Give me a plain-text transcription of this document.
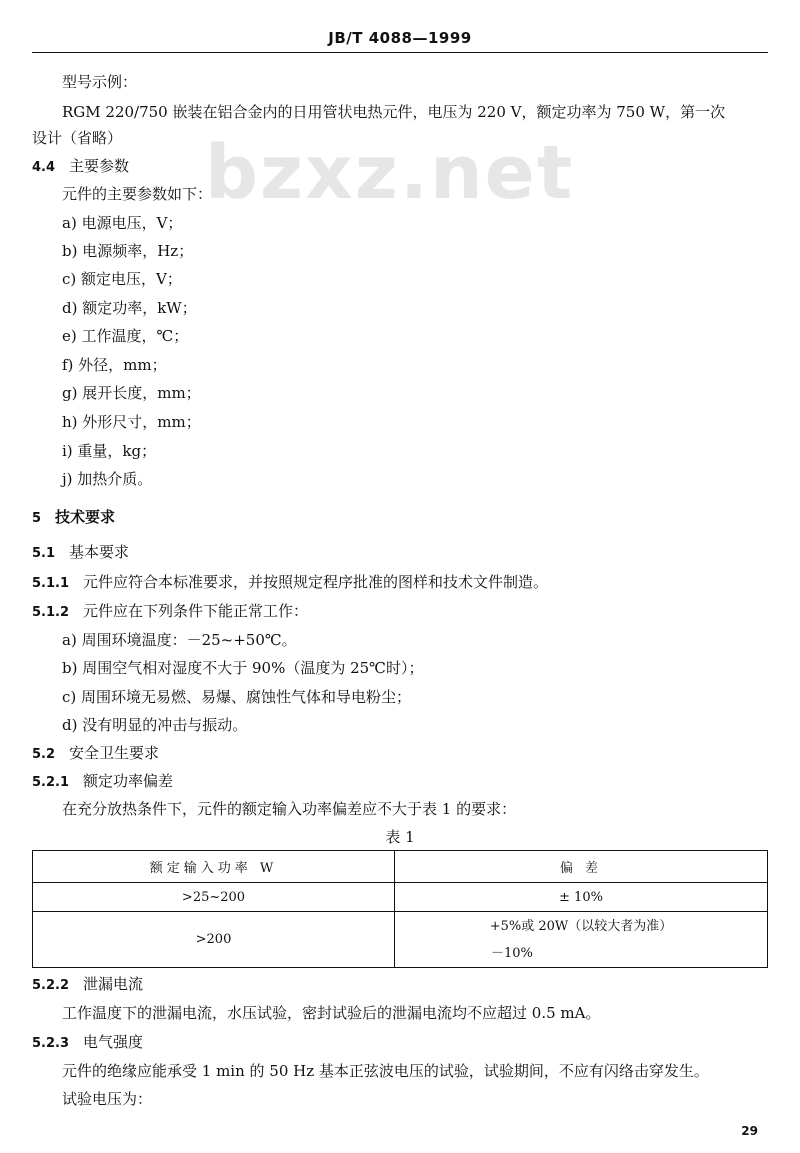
JB/T 4088—1999
bzxz.net
型号示例：
RGM 220/750 嵌装在铝合金内的日用管状电热元件，电压为 220 V，额定功率为 750 W，第一次
设计（省略）
4.4 主要参数
元件的主要参数如下：
a) 电源电压，V；
b) 电源频率，Hz；
c) 额定电压，V；
d) 额定功率，kW；
e) 工作温度，℃；
f) 外径，mm；
g) 展开长度，mm；
h) 外形尺寸，mm；
i) 重量，kg；
j) 加热介质。
5 技术要求
5.1 基本要求
5.1.1 元件应符合本标准要求，并按照规定程序批准的图样和技术文件制造。
5.1.2 元件应在下列条件下能正常工作：
a) 周围环境温度：－25~+50℃。
b) 周围空气相对湿度不大于 90%（温度为 25℃时）；
c) 周围环境无易燃、易爆、腐蚀性气体和导电粉尘；
d) 没有明显的冲击与振动。
5.2 安全卫生要求
5.2.1 额定功率偏差
在充分放热条件下，元件的额定输入功率偏差应不大于表 1 的要求：
表 1
额定输入功率 W	偏 差
>25~200	± 10%
>200	+5%或 20W（以较大者为准）
－10%
5.2.2 泄漏电流
工作温度下的泄漏电流，水压试验，密封试验后的泄漏电流均不应超过 0.5 mA。
5.2.3 电气强度
元件的绝缘应能承受 1 min 的 50 Hz 基本正弦波电压的试验，试验期间，不应有闪络击穿发生。
试验电压为：
29
